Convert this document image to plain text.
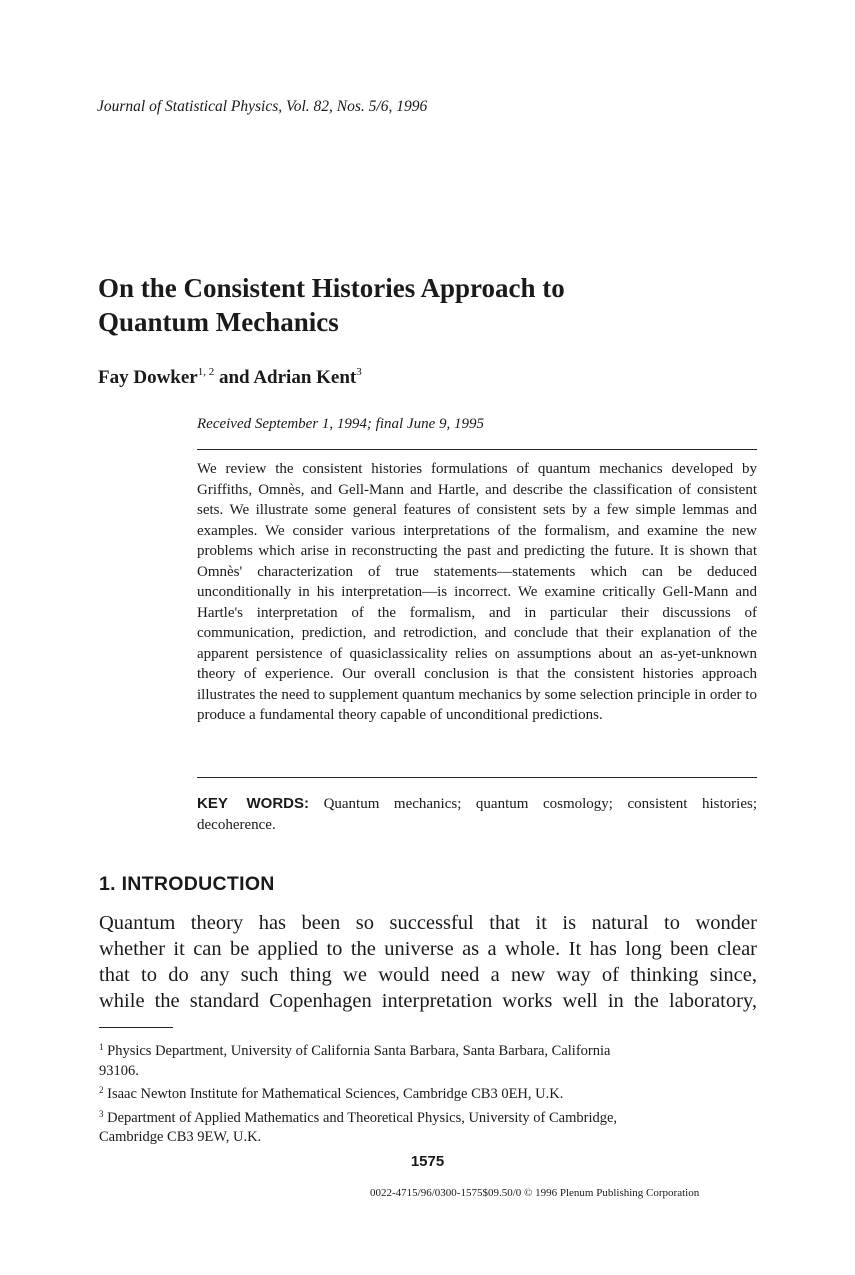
Journal of Statistical Physics, Vol. 82, Nos. 5/6, 1996
On the Consistent Histories Approach to
Quantum Mechanics
Fay Dowker$^{1, 2}$ and Adrian Kent$^3$
Received September 1, 1994; final June 9, 1995
We review the consistent histories formulations of quantum mechanics developed by Griffiths, Omnès, and Gell-Mann and Hartle, and describe the classification of consistent sets. We illustrate some general features of consistent sets by a few simple lemmas and examples. We consider various interpretations of the formalism, and examine the new problems which arise in reconstructing the past and predicting the future. It is shown that Omnès' characterization of true statements—statements which can be deduced unconditionally in his interpretation—is incorrect. We examine critically Gell-Mann and Hartle's interpretation of the formalism, and in particular their discussions of communication, prediction, and retrodiction, and conclude that their explanation of the apparent persistence of quasiclassicality relies on assumptions about an as-yet-unknown theory of experience. Our overall conclusion is that the consistent histories approach illustrates the need to supplement quantum mechanics by some selection principle in order to produce a fundamental theory capable of unconditional predictions.
KEY WORDS: Quantum mechanics; quantum cosmology; consistent histories; decoherence.
1. INTRODUCTION
Quantum theory has been so successful that it is natural to wonder
whether it can be applied to the universe as a whole. It has long been clear
that to do any such thing we would need a new way of thinking since,
while the standard Copenhagen interpretation works well in the laboratory,
$^1$ Physics Department, University of California Santa Barbara, Santa Barbara, California
93106.
$^2$ Isaac Newton Institute for Mathematical Sciences, Cambridge CB3 0EH, U.K.
$^3$ Department of Applied Mathematics and Theoretical Physics, University of Cambridge,
Cambridge CB3 9EW, U.K.
1575
0022-4715/96/0300-1575$09.50/0 © 1996 Plenum Publishing Corporation
